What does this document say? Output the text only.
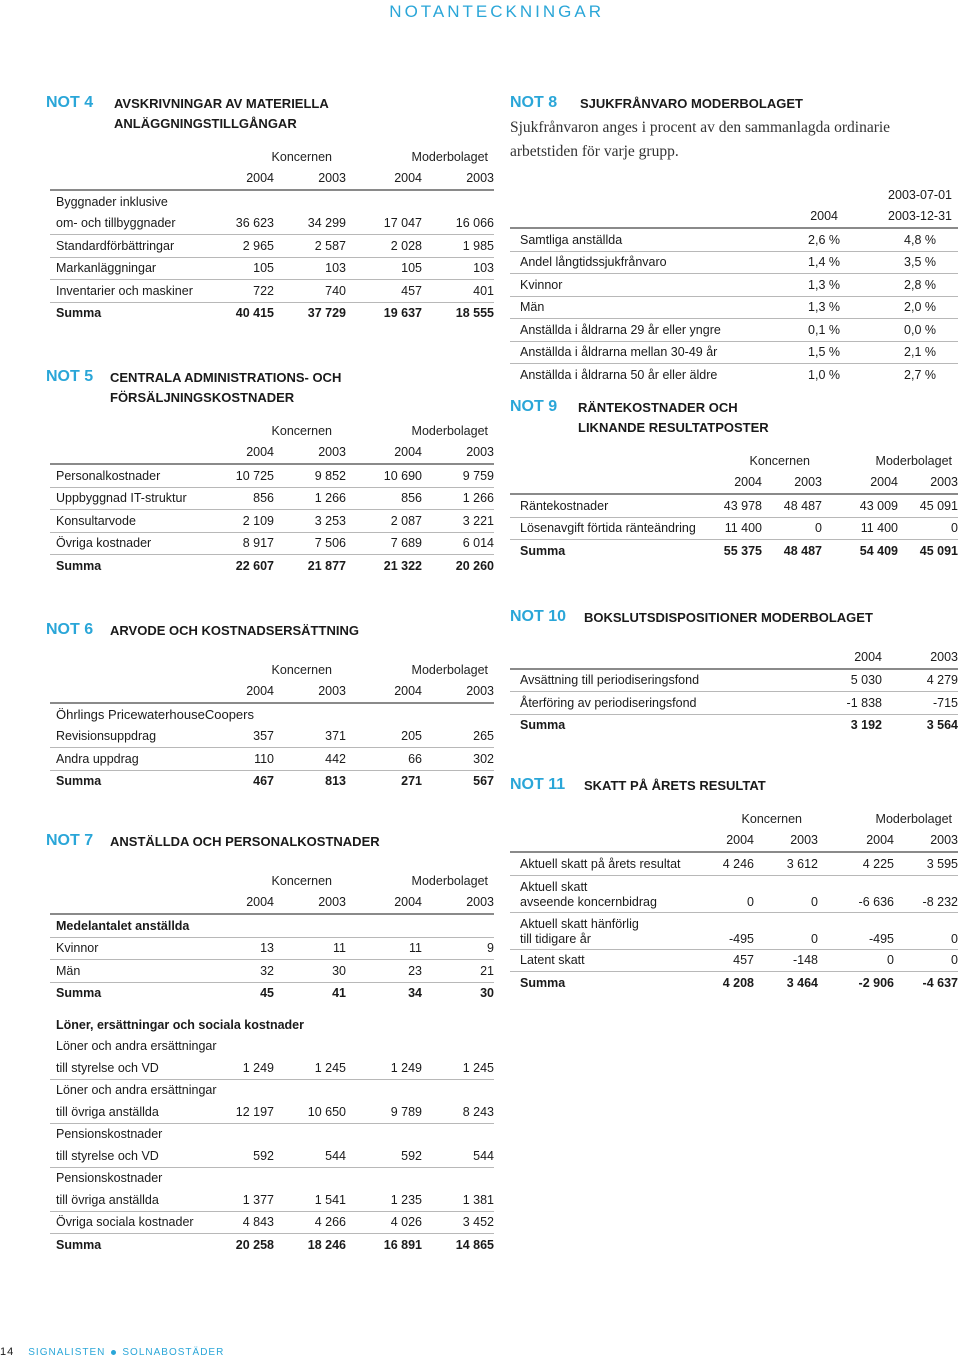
NOTANTECKNINGAR
NOT 4	AVSKRIVNINGAR AV MATERIELLA ANLÄGGNINGSTILLGÅNGAR
	Koncernen		Moderbolaget	
	2004	2003	2004	2003
Byggnader inklusive				
om- och tillbyggnader	36 623	34 299	17 047	16 066
Standardförbättringar	2 965	2 587	2 028	1 985
Markanläggningar	105	103	105	103
Inventarier och maskiner	722	740	457	401
Summa	40 415	37 729	19 637	18 555
NOT 5	CENTRALA ADMINISTRATIONS- OCH FÖRSÄLJNINGSKOSTNADER
	Koncernen		Moderbolaget	
	2004	2003	2004	2003
Personalkostnader	10 725	9 852	10 690	9 759
Uppbyggnad IT-struktur	856	1 266	856	1 266
Konsultarvode	2 109	3 253	2 087	3 221
Övriga kostnader	8 917	7 506	7 689	6 014
Summa	22 607	21 877	21 322	20 260
NOT 6	ARVODE OCH KOSTNADSERSÄTTNING
	Koncernen		Moderbolaget	
	2004	2003	2004	2003
Öhrlings PricewaterhouseCoopers				
Revisionsuppdrag	357	371	205	265
Andra uppdrag	110	442	66	302
Summa	467	813	271	567
NOT 7	ANSTÄLLDA OCH PERSONALKOSTNADER
	Koncernen		Moderbolaget	
	2004	2003	2004	2003
Medelantalet anställda				
Kvinnor	13	11	11	9
Män	32	30	23	21
Summa	45	41	34	30

Löner, ersättningar och sociala kostnader				
Löner och andra ersättningar				
till styrelse och VD	1 249	1 245	1 249	1 245
Löner och andra ersättningar				
till övriga anställda	12 197	10 650	9 789	8 243
Pensionskostnader				
till styrelse och VD	592	544	592	544
Pensionskostnader				
till övriga anställda	1 377	1 541	1 235	1 381
Övriga sociala kostnader	4 843	4 266	4 026	3 452
Summa	20 258	18 246	16 891	14 865
NOT 8	SJUKFRÅNVARO MODERBOLAGET
Sjukfrånvaron anges i procent av den sammanlagda ordinarie arbetstiden för varje grupp.
		2003-07-01
	2004	2003-12-31
Samtliga anställda	2,6 %	4,8 %
Andel långtidssjukfrånvaro	1,4 %	3,5 %
Kvinnor	1,3 %	2,8 %
Män	1,3 %	2,0 %
Anställda i åldrarna 29 år eller yngre	0,1 %	0,0 %
Anställda i åldrarna mellan 30-49 år	1,5 %	2,1 %
Anställda i åldrarna 50 år eller äldre	1,0 %	2,7 %
NOT 9	RÄNTEKOSTNADER OCH LIKNANDE RESULTATPOSTER
	Koncernen		Moderbolaget	
	2004	2003	2004	2003
Räntekostnader	43 978	48 487	43 009	45 091
Lösenavgift förtida ränteändring	11 400	0	11 400	0
Summa	55 375	48 487	54 409	45 091
NOT 10	BOKSLUTSDISPOSITIONER MODERBOLAGET
	2004	2003
Avsättning till periodiseringsfond	5 030	4 279
Återföring av periodiseringsfond	-1 838	-715
Summa	3 192	3 564
NOT 11	SKATT PÅ ÅRETS RESULTAT
	Koncernen		Moderbolaget	
	2004	2003	2004	2003
Aktuell skatt på årets resultat	4 246	3 612	4 225	3 595
Aktuell skatt
avseende koncernbidrag	0	0	-6 636	-8 232
Aktuell skatt hänförlig
till tidigare år	-495	0	-495	0
Latent skatt	457	-148	0	0
Summa	4 208	3 464	-2 906	-4 637
14 SIGNALISTEN SOLNABOSTÄDER
